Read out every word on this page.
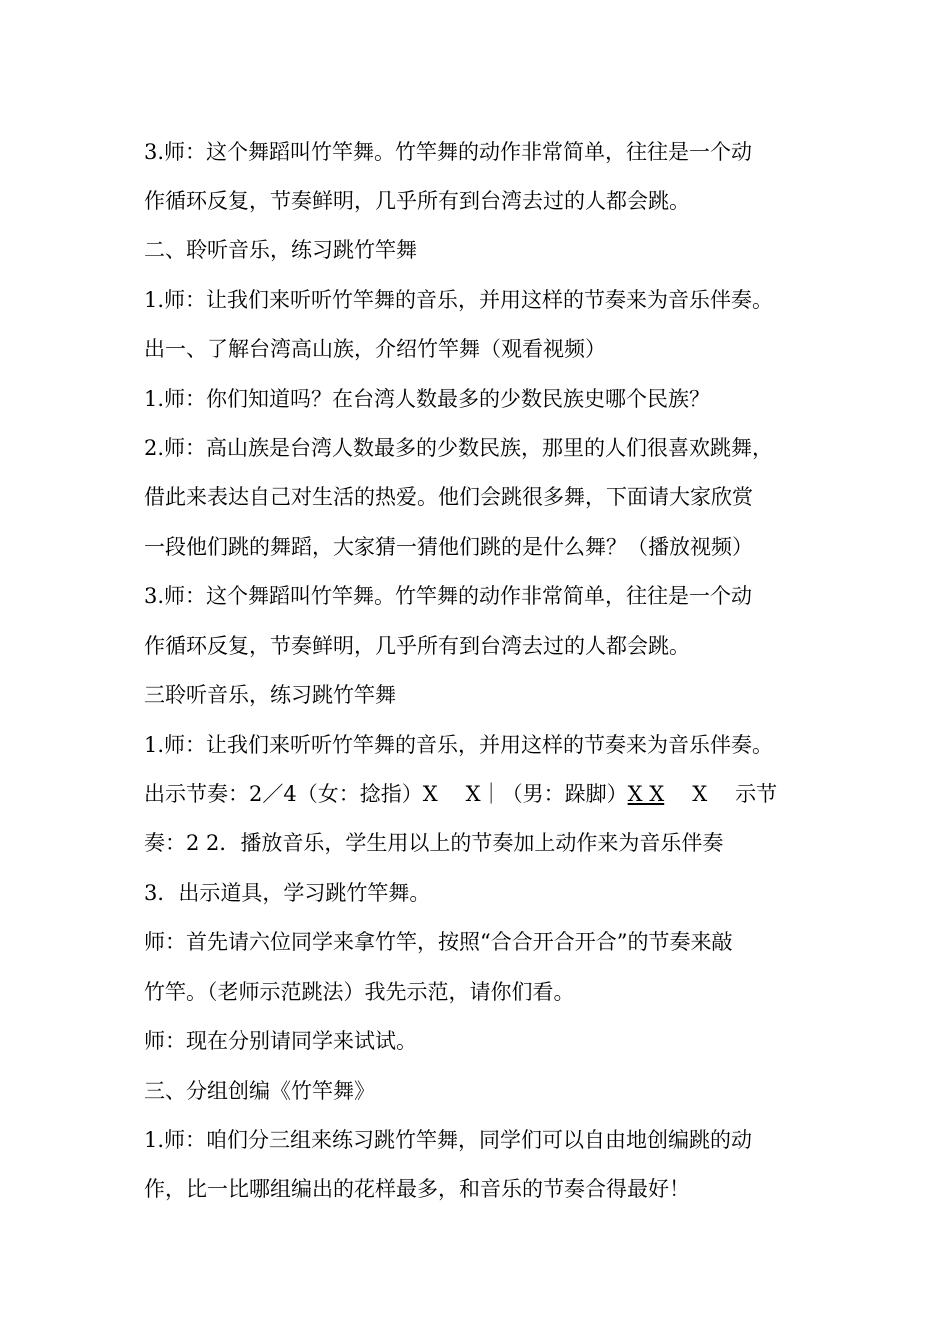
3.师：这个舞蹈叫竹竿舞。竹竿舞的动作非常简单，往往是一个动
作循环反复，节奏鲜明，几乎所有到台湾去过的人都会跳。
二、聆听音乐，练习跳竹竿舞
1.师：让我们来听听竹竿舞的音乐，并用这样的节奏来为音乐伴奏。
出一、了解台湾高山族，介绍竹竿舞（观看视频）
1.师：你们知道吗？在台湾人数最多的少数民族史哪个民族？
2.师：高山族是台湾人数最多的少数民族，那里的人们很喜欢跳舞，
借此来表达自己对生活的热爱。他们会跳很多舞，下面请大家欣赏
一段他们跳的舞蹈，大家猜一猜他们跳的是什么舞？（播放视频）
3.师：这个舞蹈叫竹竿舞。竹竿舞的动作非常简单，往往是一个动
作循环反复，节奏鲜明，几乎所有到台湾去过的人都会跳。
三聆听音乐，练习跳竹竿舞
1.师：让我们来听听竹竿舞的音乐，并用这样的节奏来为音乐伴奏。
出示节奏：2／4（女：捻指）X X｜（男：跺脚）X X X 示节
奏：2 2．播放音乐，学生用以上的节奏加上动作来为音乐伴奏
3．出示道具，学习跳竹竿舞。
师：首先请六位同学来拿竹竿，按照“合合开合开合”的节奏来敲
竹竿。（老师示范跳法）我先示范，请你们看。
师：现在分别请同学来试试。
三、分组创编《竹竿舞》
1.师：咱们分三组来练习跳竹竿舞，同学们可以自由地创编跳的动
作，比一比哪组编出的花样最多，和音乐的节奏合得最好！
